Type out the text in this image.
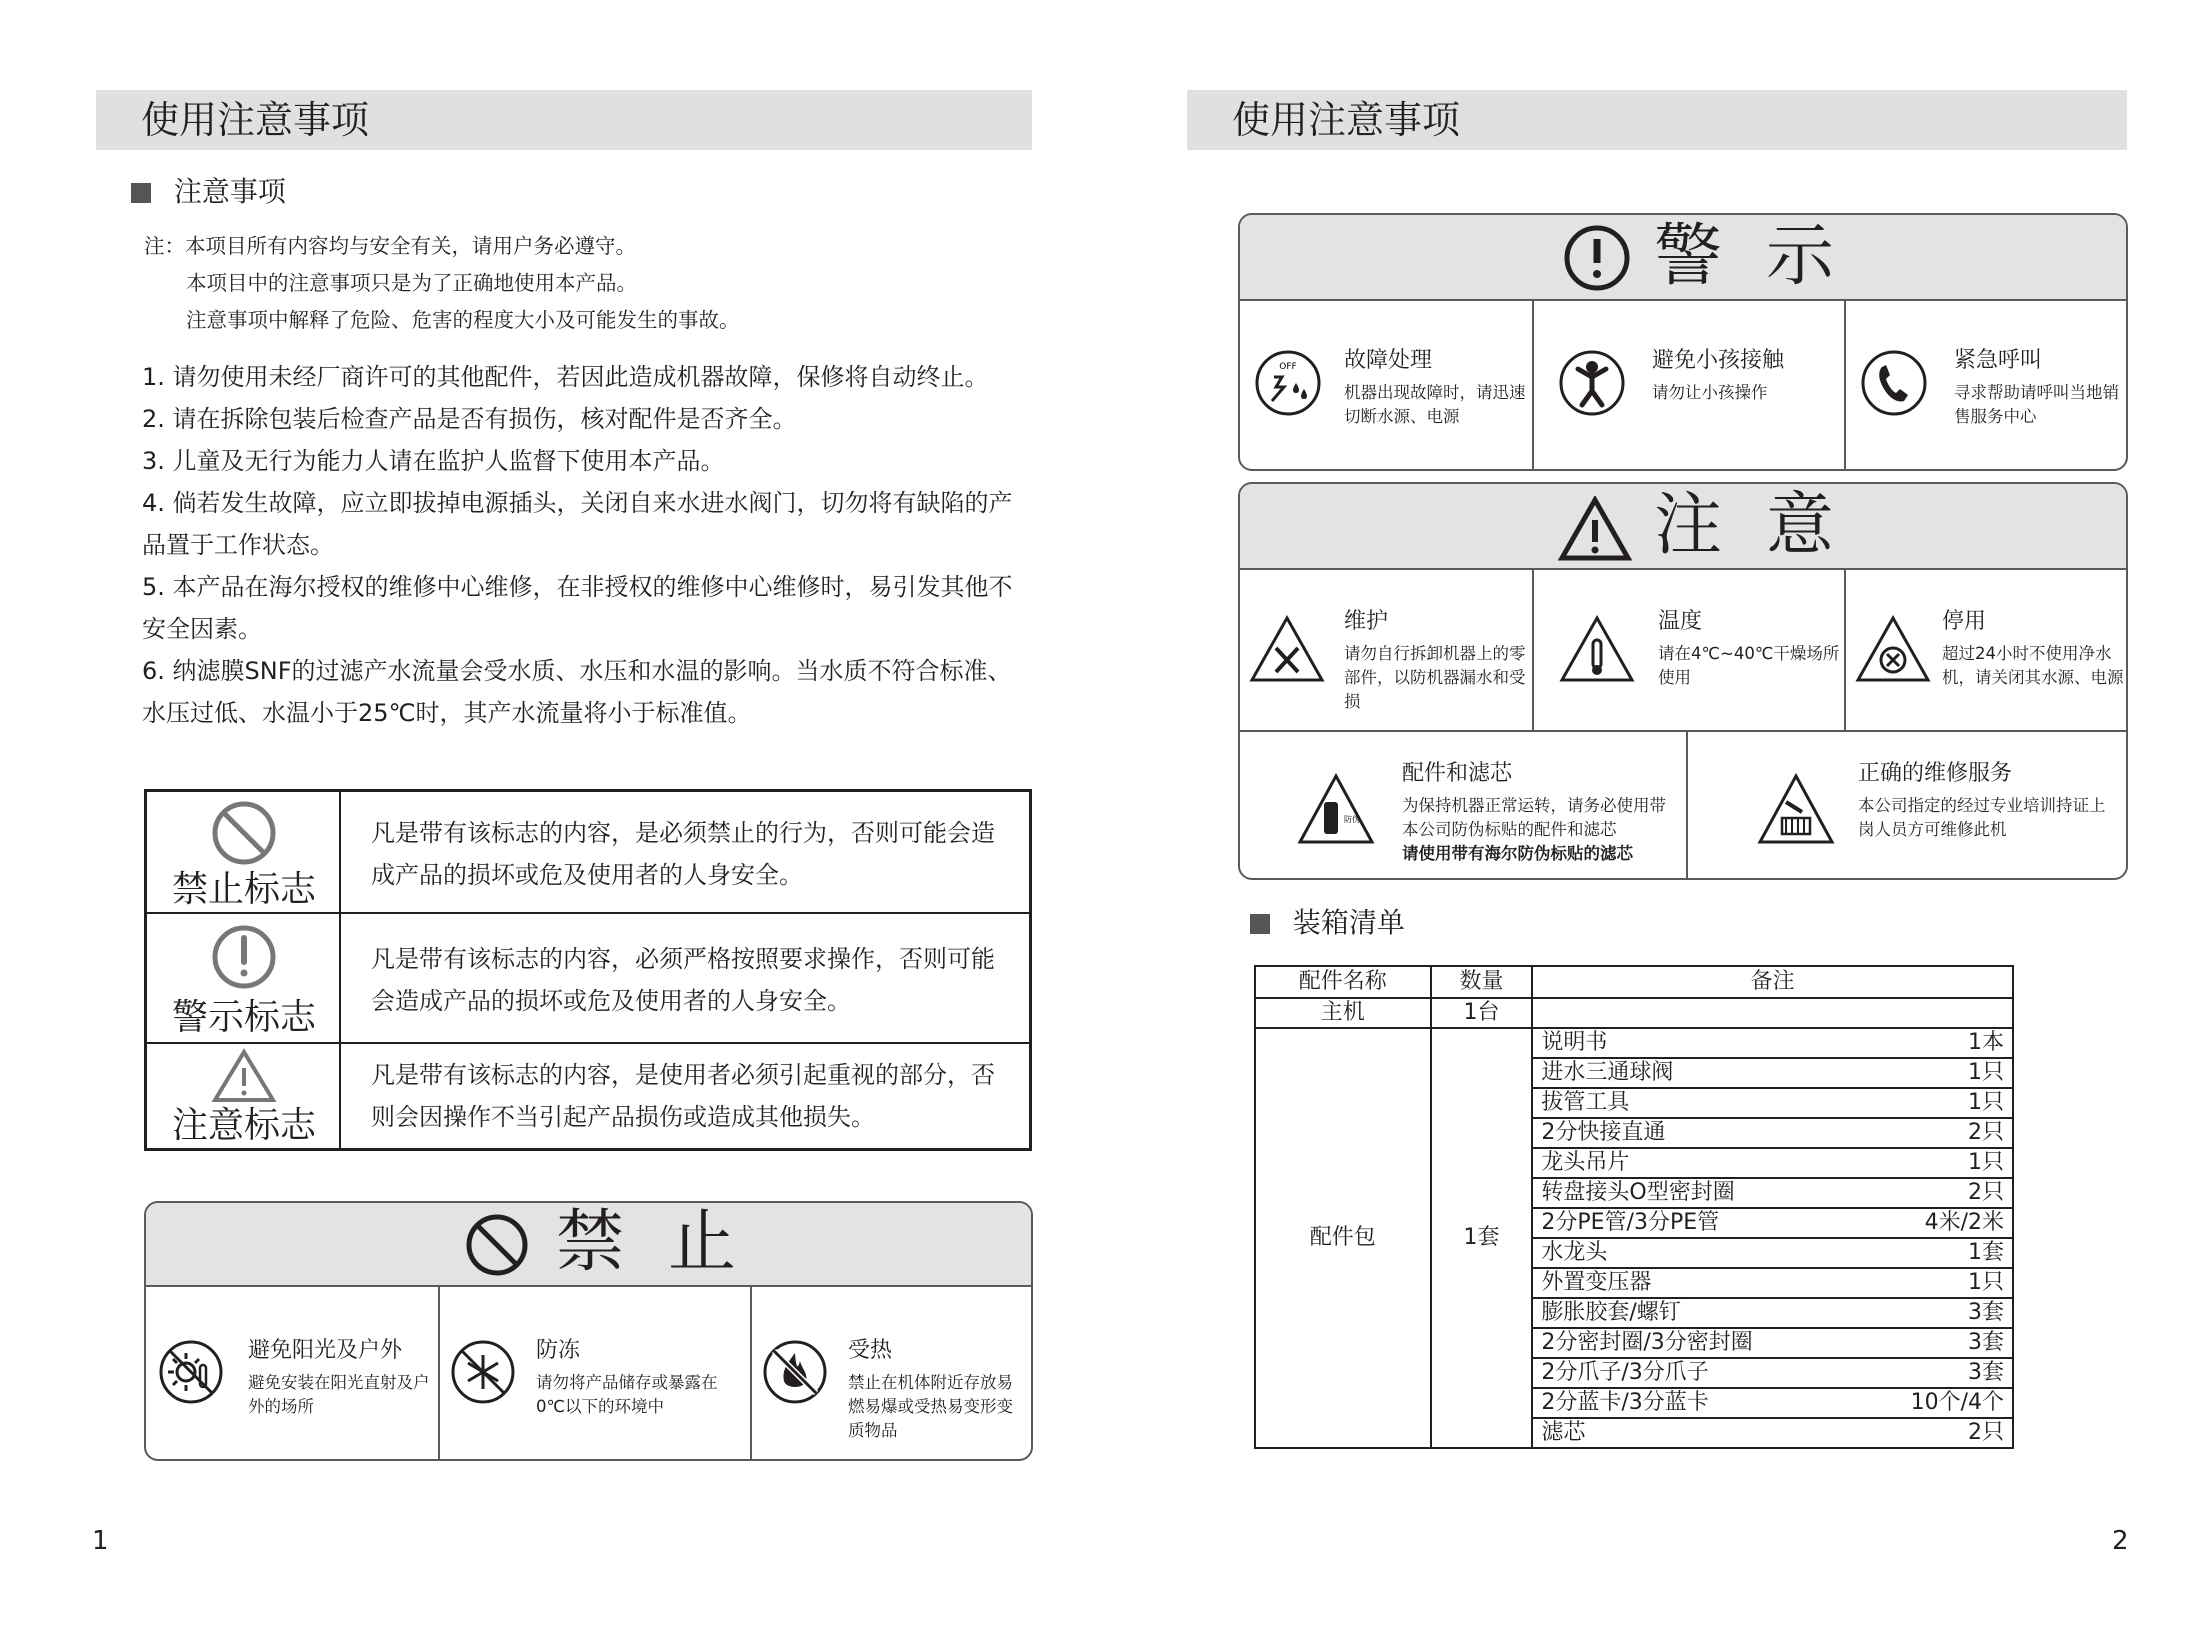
使用注意事项
注意事项
注：本项目所有内容均与安全有关，请用户务必遵守。
本项目中的注意事项只是为了正确地使用本产品。
注意事项中解释了危险、危害的程度大小及可能发生的事故。
1. 请勿使用未经厂商许可的其他配件，若因此造成机器故障，保修将自动终止。
2. 请在拆除包装后检查产品是否有损伤，核对配件是否齐全。
3. 儿童及无行为能力人请在监护人监督下使用本产品。
4. 倘若发生故障，应立即拔掉电源插头，关闭自来水进水阀门，切勿将有缺陷的产
品置于工作状态。
5. 本产品在海尔授权的维修中心维修，在非授权的维修中心维修时，易引发其他不
安全因素。
6. 纳滤膜SNF的过滤产水流量会受水质、水压和水温的影响。当水质不符合标准、
水压过低、水温小于25℃时，其产水流量将小于标准值。
禁止标志
凡是带有该标志的内容，是必须禁止的行为，否则可能会造成产品的损坏或危及使用者的人身安全。
警示标志
凡是带有该标志的内容，必须严格按照要求操作，否则可能会造成产品的损坏或危及使用者的人身安全。
注意标志
凡是带有该标志的内容，是使用者必须引起重视的部分，否则会因操作不当引起产品损伤或造成其他损失。
禁止
避免阳光及户外
避免安装在阳光直射及户外的场所
防冻
请勿将产品储存或暴露在0℃以下的环境中
受热
禁止在机体附近存放易燃易爆或受热易变形变质物品
1
使用注意事项
警示
OFF 故障处理
机器出现故障时，请迅速切断水源、电源
避免小孩接触
请勿让小孩操作
紧急呼叫
寻求帮助请呼叫当地销售服务中心
注意
维护
请勿自行拆卸机器上的零部件，以防机器漏水和受损
温度
请在4℃~40℃干燥场所使用
停用
超过24小时不使用净水机，请关闭其水源、电源
防伪
配件和滤芯
为保持机器正常运转，请务必使用带本公司防伪标贴的配件和滤芯
请使用带有海尔防伪标贴的滤芯
正确的维修服务
本公司指定的经过专业培训持证上岗人员方可维修此机
装箱清单
配件名称	数量	备注
主机	1台	
配件包	1套	说明书 1本

		进水三通球阀 1只

		拔管工具 1只

		2分快接直通 2只

		龙头吊片 1只

		转盘接头O型密封圈 2只

		2分PE管/3分PE管 4米/2米

		水龙头 1套

		外置变压器 1只

		膨胀胶套/螺钉 3套

		2分密封圈/3分密封圈 3套

		2分爪子/3分爪子 3套

		2分蓝卡/3分蓝卡 10个/4个

		滤芯 2只
2
